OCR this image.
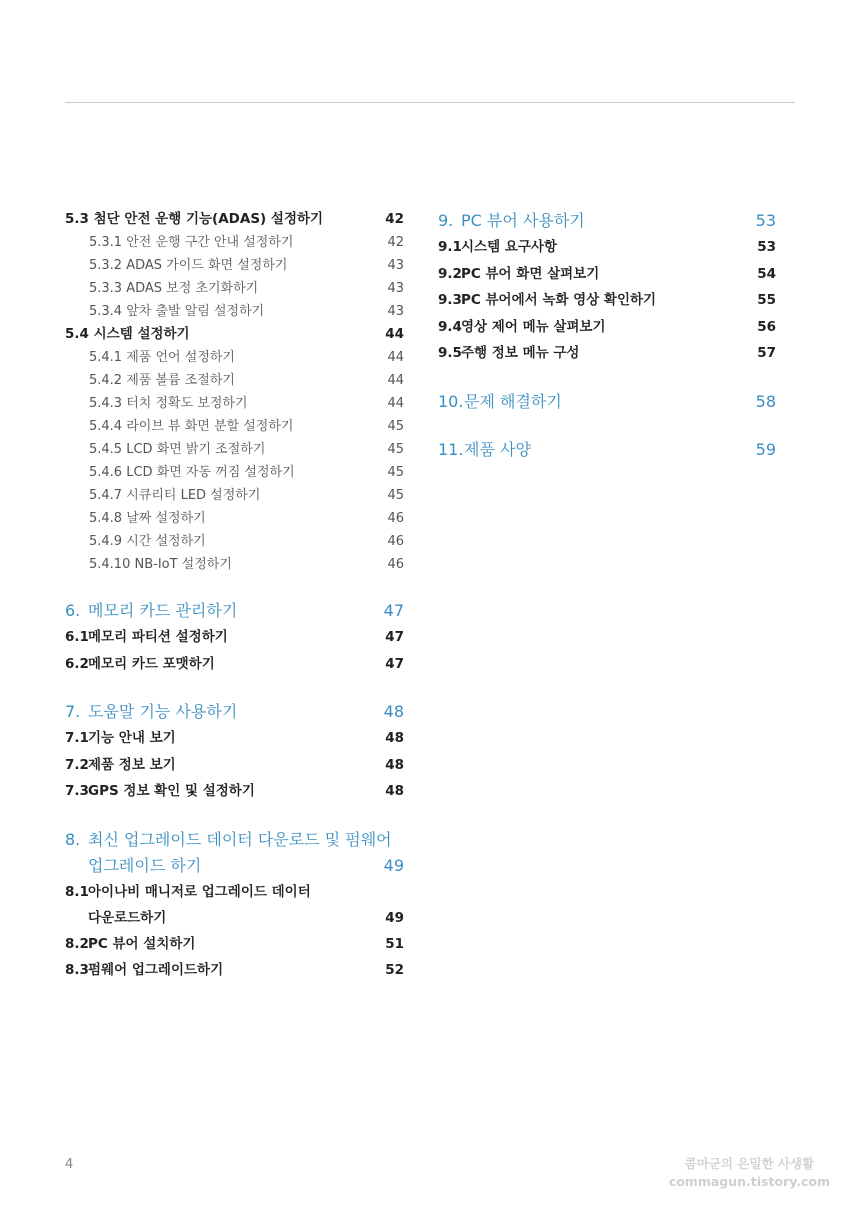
5.3 첨단 안전 운행 기능(ADAS) 설정하기	42
5.3.1 안전 운행 구간 안내 설정하기	42
5.3.2 ADAS 가이드 화면 설정하기	43
5.3.3 ADAS 보정 초기화하기	43
5.3.4 앞차 출발 알림 설정하기	43
5.4 시스템 설정하기	44
5.4.1 제품 언어 설정하기	44
5.4.2 제품 볼륨 조절하기	44
5.4.3 터치 정확도 보정하기	44
5.4.4 라이브 뷰 화면 분할 설정하기	45
5.4.5 LCD 화면 밝기 조절하기	45
5.4.6 LCD 화면 자동 꺼짐 설정하기	45
5.4.7 시큐리티 LED 설정하기	45
5.4.8 날짜 설정하기	46
5.4.9 시간 설정하기	46
5.4.10 NB-IoT 설정하기	46
6. 메모리 카드 관리하기	47
6.1메모리 파티션 설정하기	47
6.2메모리 카드 포맷하기	47
7. 도움말 기능 사용하기	48
7.1기능 안내 보기	48
7.2제품 정보 보기	48
7.3GPS 정보 확인 및 설정하기	48
8. 최신 업그레이드 데이터 다운로드 및 펌웨어
업그레이드 하기	49
8.1아이나비 매니저로 업그레이드 데이터
다운로드하기	49
8.2PC 뷰어 설치하기	51
8.3펌웨어 업그레이드하기	52
9. PC 뷰어 사용하기	53
9.1시스템 요구사항	53
9.2PC 뷰어 화면 살펴보기	54
9.3PC 뷰어에서 녹화 영상 확인하기	55
9.4영상 제어 메뉴 살펴보기	56
9.5주행 정보 메뉴 구성	57
10.문제 해결하기	58
11.제품 사양	59
4	콤마군의 은밀한 사생활
commagun.tistory.com
